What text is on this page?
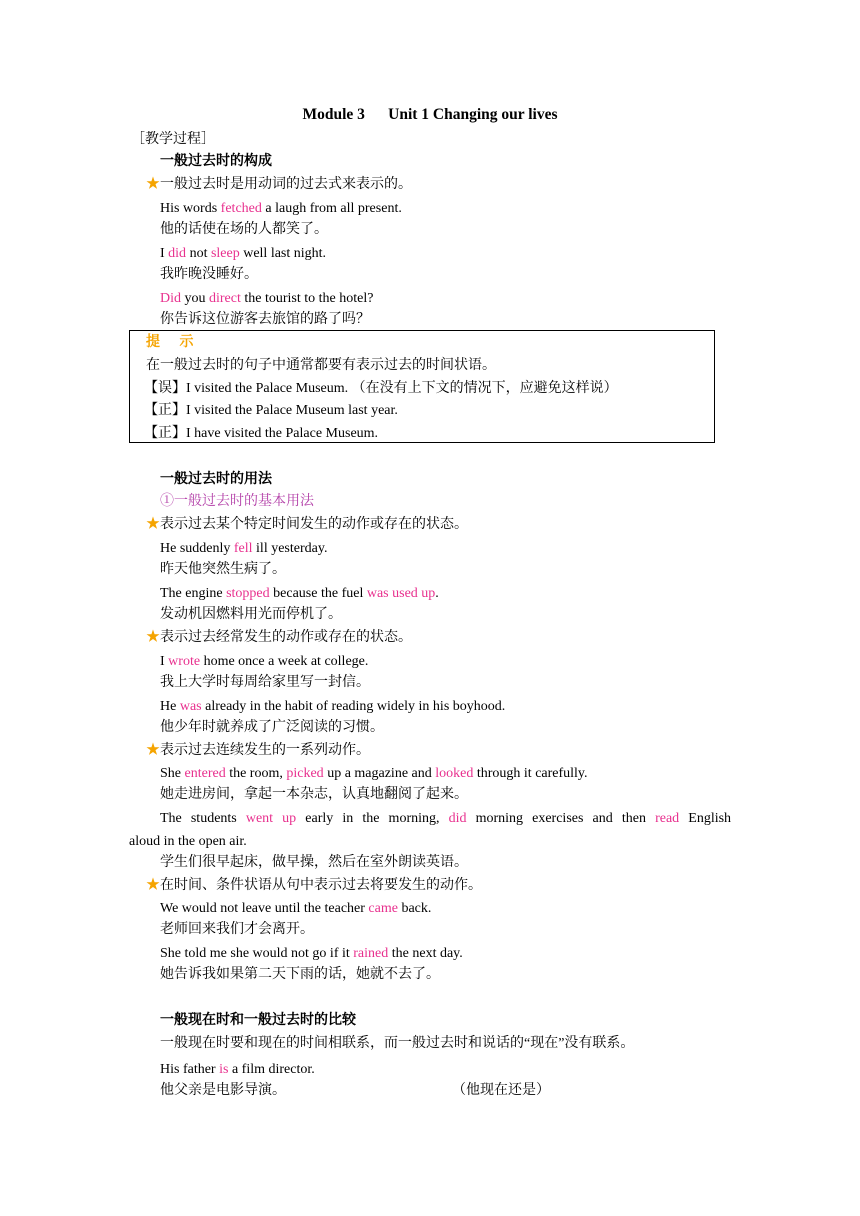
Module 3      Unit 1 Changing our lives
［教学过程］
一般过去时的构成
★一般过去时是用动词的过去式来表示的。
His words fetched a laugh from all present.
他的话使在场的人都笑了。
I did not sleep well last night.
我昨晚没睡好。
Did you direct the tourist to the hotel?
你告诉这位游客去旅馆的路了吗？
提 示
在一般过去时的句子中通常都要有表示过去的时间状语。
【误】I visited the Palace Museum. （在没有上下文的情况下，应避免这样说）
【正】I visited the Palace Museum last year.
【正】I have visited the Palace Museum.
一般过去时的用法
①一般过去时的基本用法
★表示过去某个特定时间发生的动作或存在的状态。
He suddenly fell ill yesterday.
昨天他突然生病了。
The engine stopped because the fuel was used up.
发动机因燃料用光而停机了。
★表示过去经常发生的动作或存在的状态。
I wrote home once a week at college.
我上大学时每周给家里写一封信。
He was already in the habit of reading widely in his boyhood.
他少年时就养成了广泛阅读的习惯。
★表示过去连续发生的一系列动作。
She entered the room, picked up a magazine and looked through it carefully.
她走进房间，拿起一本杂志，认真地翻阅了起来。
The students went up early in the morning, did morning exercises and then read English
aloud in the open air.
学生们很早起床，做早操，然后在室外朗读英语。
★在时间、条件状语从句中表示过去将要发生的动作。
We would not leave until the teacher came back.
老师回来我们才会离开。
She told me she would not go if it rained the next day.
她告诉我如果第二天下雨的话，她就不去了。
一般现在时和一般过去时的比较
一般现在时要和现在的时间相联系，而一般过去时和说话的“现在”没有联系。
His father is a film director.
他父亲是电影导演。	（他现在还是）
